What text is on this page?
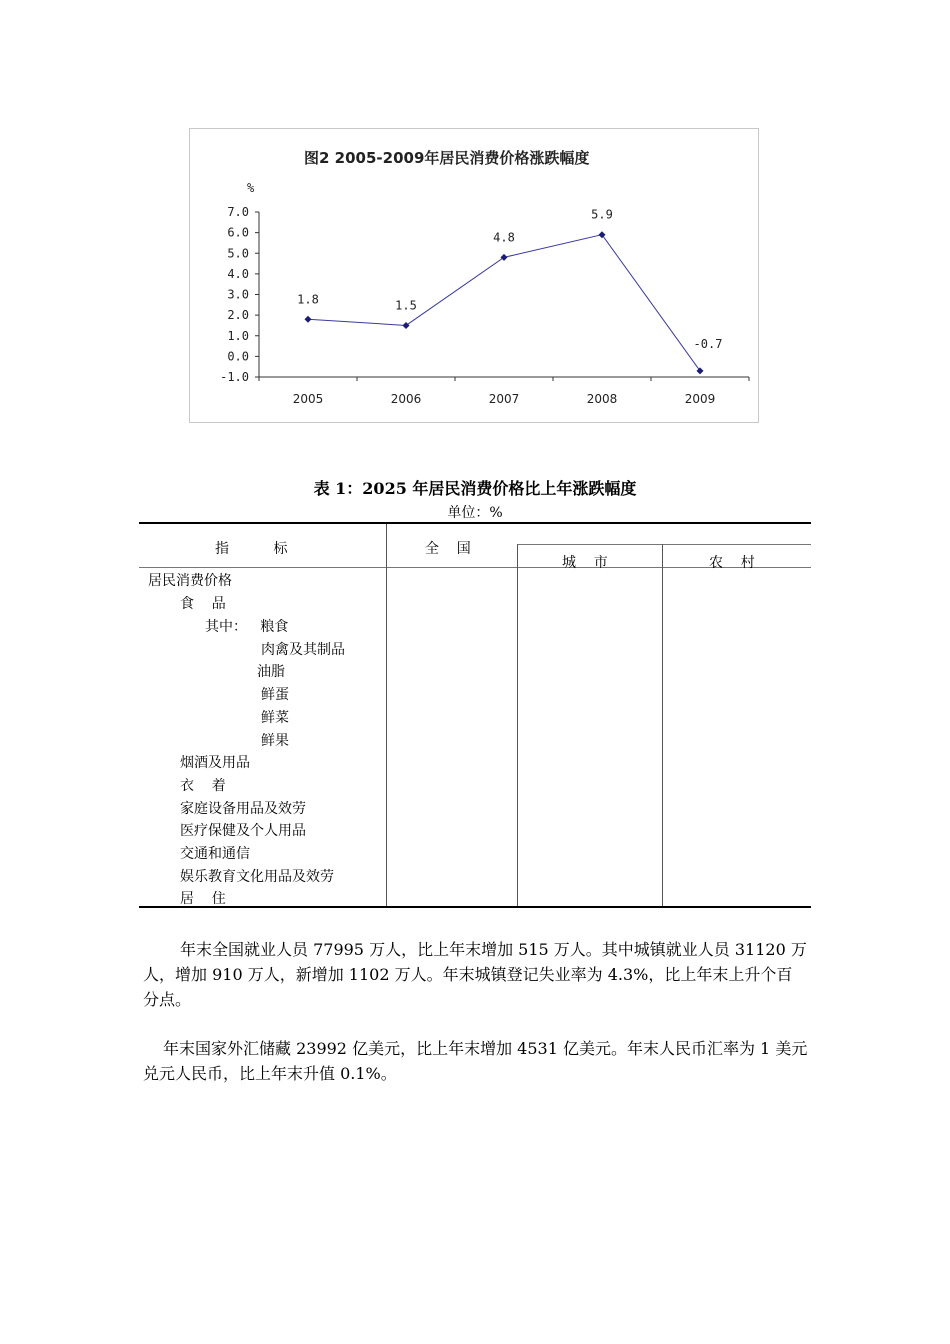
图2 2005-2009年居民消费价格涨跌幅度
%
7.0
6.0
5.0
4.0
3.0
2.0
1.0
0.0
-1.0
2005	2006	2007	2008	2009
1.8	1.5
4.8
5.9
-0.7
表 1：2025 年居民消费价格比上年涨跌幅度
单位：%
指          标	全    国
城    市	农    村
居民消费价格
食    品
其中：   粮食
肉禽及其制品
油脂
鲜蛋
鲜菜
鲜果
烟酒及用品
衣    着
家庭设备用品及效劳
医疗保健及个人用品
交通和通信
娱乐教育文化用品及效劳
居    住
年末全国就业人员 77995 万人，比上年末增加 515 万人。其中城镇就业人员 31120 万人，增加 910 万人，新增加 1102 万人。年末城镇登记失业率为 4.3%，比上年末上升个百分点。
年末国家外汇储藏 23992 亿美元，比上年末增加 4531 亿美元。年末人民币汇率为 1 美元兑元人民币，比上年末升值 0.1%。
